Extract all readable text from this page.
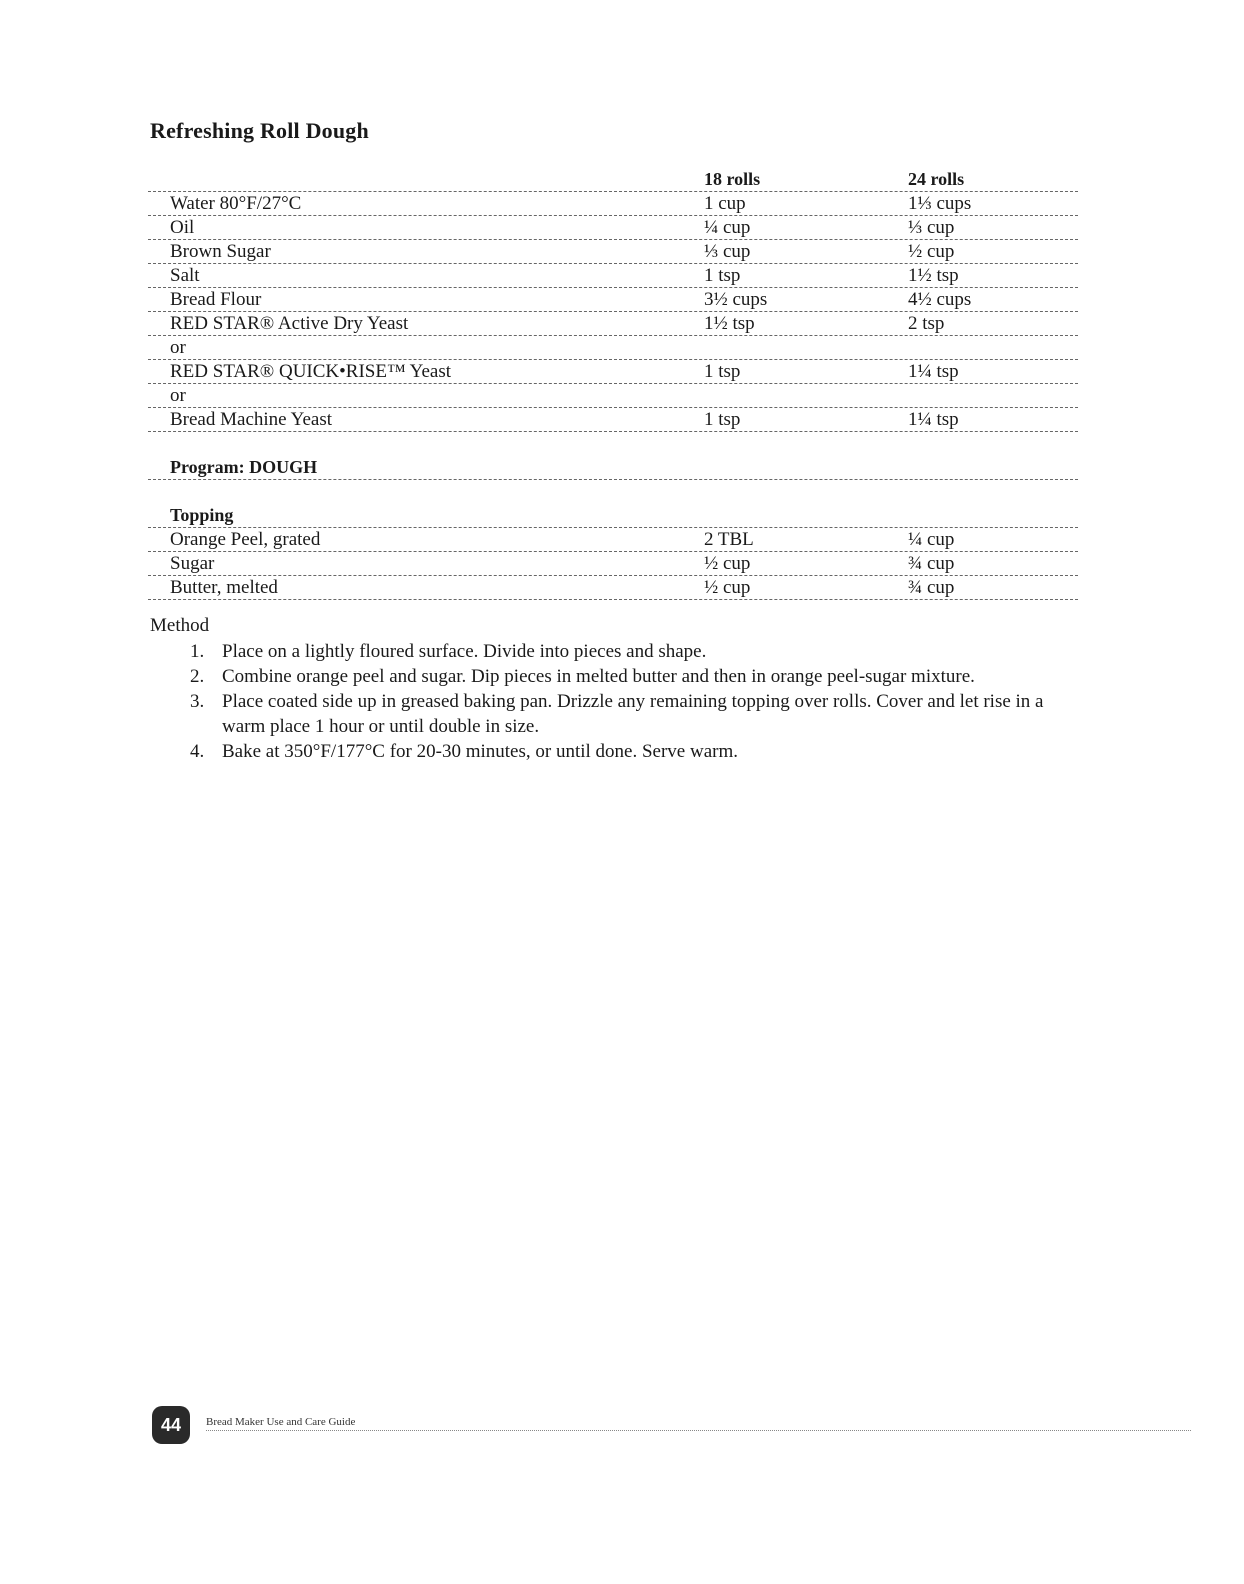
Refreshing Roll Dough
18 rolls	24 rolls
Water 80°F/27°C	1 cup	1⅓ cups
Oil	¼ cup	⅓ cup
Brown Sugar	⅓ cup	½ cup
Salt	1 tsp	1½ tsp
Bread Flour	3½ cups	4½ cups
RED STAR® Active Dry Yeast	1½ tsp	2 tsp
or
RED STAR® QUICK•RISE™ Yeast	1 tsp	1¼ tsp
or
Bread Machine Yeast	1 tsp	1¼ tsp
Program: DOUGH
Topping
Orange Peel, grated	2 TBL	¼ cup
Sugar	½ cup	¾ cup
Butter, melted	½ cup	¾ cup
Method
1. Place on a lightly floured surface. Divide into pieces and shape.
2. Combine orange peel and sugar. Dip pieces in melted butter and then in orange peel-sugar mixture.
3. Place coated side up in greased baking pan. Drizzle any remaining topping over rolls. Cover and let rise in a warm place 1 hour or until double in size.
4. Bake at 350°F/177°C for 20-30 minutes, or until done. Serve warm.
44	Bread Maker Use and Care Guide
